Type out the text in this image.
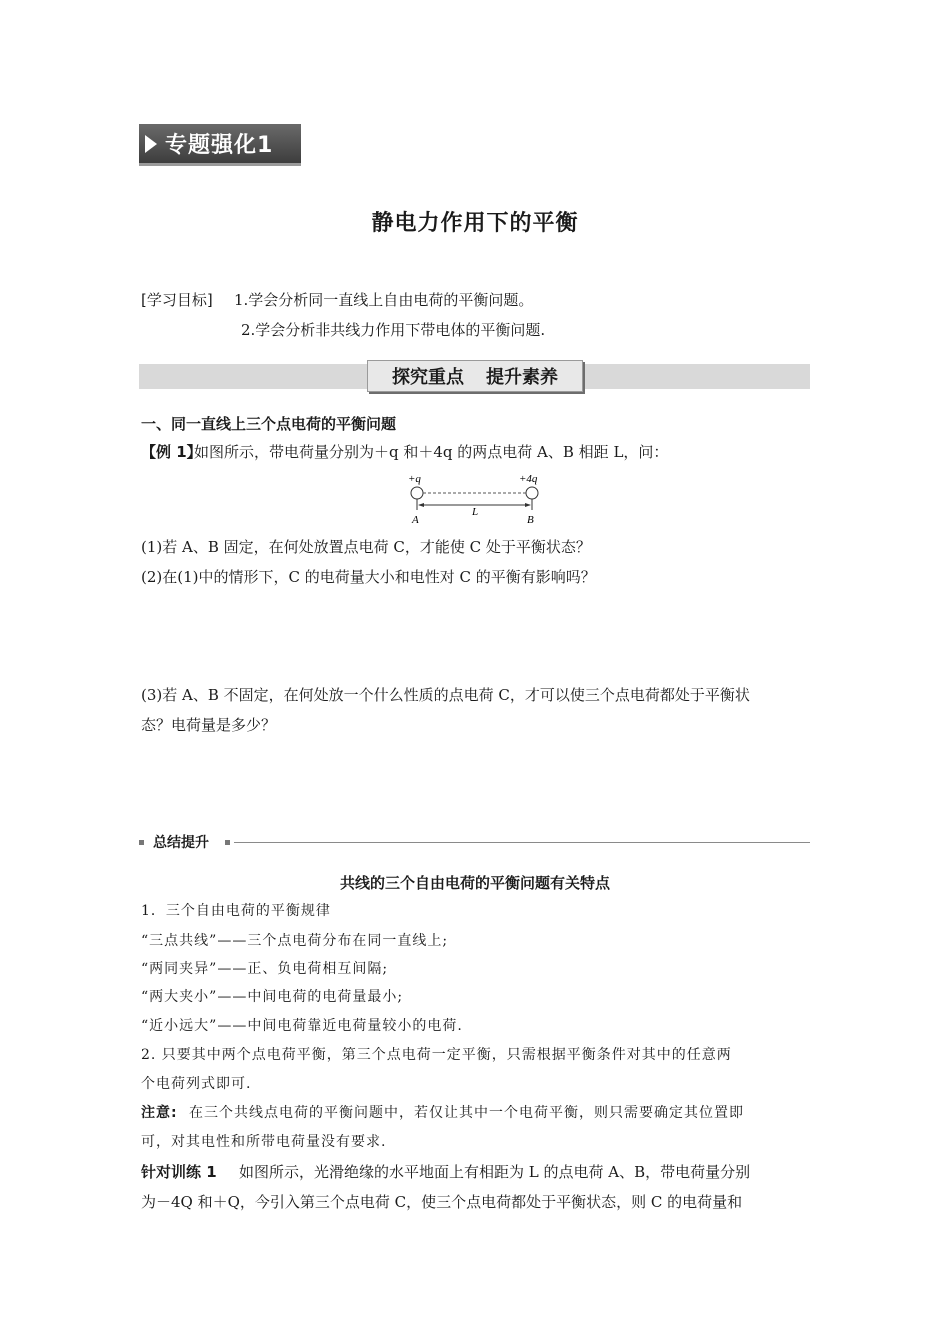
专题强化1
静电力作用下的平衡
[学习目标] 1.学会分析同一直线上自由电荷的平衡问题。
2.学会分析非共线力作用下带电体的平衡问题.
探究重点 提升素养
一、同一直线上三个点电荷的平衡问题
【例 1】
如图所示，带电荷量分别为＋q 和＋4q 的两点电荷 A、B 相距 L，问：
+q	+4q
L
A	B
(1)若 A、B 固定，在何处放置点电荷 C，才能使 C 处于平衡状态？
(2)在(1)中的情形下，C 的电荷量大小和电性对 C 的平衡有影响吗？
(3)若 A、B 不固定，在何处放一个什么性质的点电荷 C，才可以使三个点电荷都处于平衡状
态？电荷量是多少？
总结提升
共线的三个自由电荷的平衡问题有关特点
1．三个自由电荷的平衡规律
“三点共线”——三个点电荷分布在同一直线上;
“两同夹异”——正、负电荷相互间隔;
“两大夹小”——中间电荷的电荷量最小;
“近小远大”——中间电荷靠近电荷量较小的电荷.
2. 只要其中两个点电荷平衡，第三个点电荷一定平衡，只需根据平衡条件对其中的任意两
个电荷列式即可.
注意: 在三个共线点电荷的平衡问题中，若仅让其中一个电荷平衡，则只需要确定其位置即
可，对其电性和所带电荷量没有要求.
针对训练 1 如图所示，光滑绝缘的水平地面上有相距为 L 的点电荷 A、B，带电荷量分别
为－4Q 和＋Q，今引入第三个点电荷 C，使三个点电荷都处于平衡状态，则 C 的电荷量和
